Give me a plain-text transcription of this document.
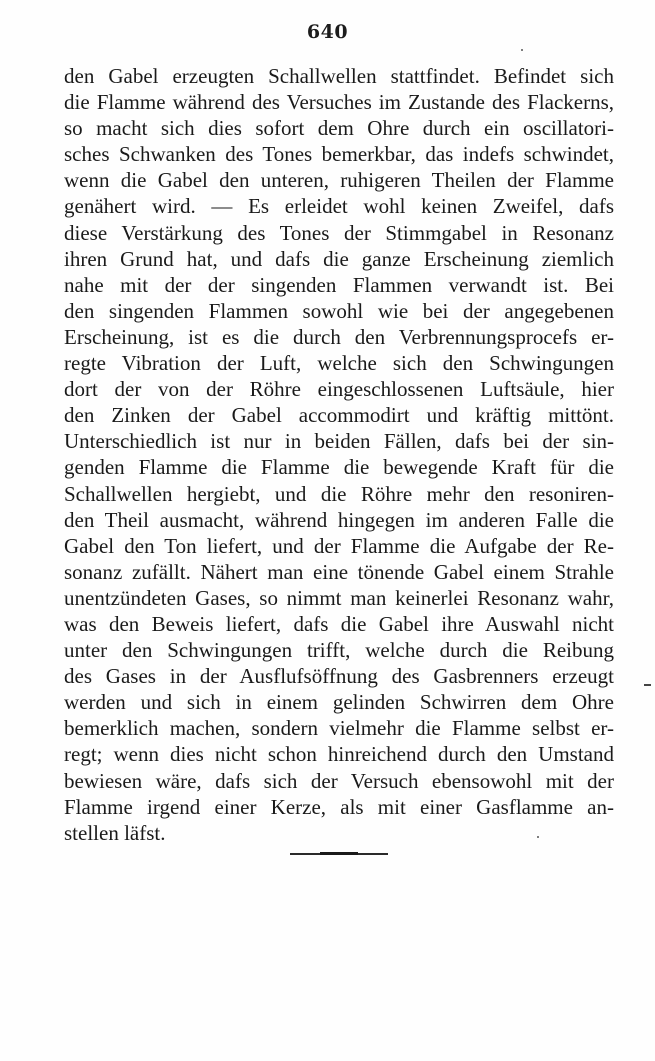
640
den Gabel erzeugten Schallwellen stattfindet. Befindet sich
die Flamme während des Versuches im Zustande des Flackerns,
so macht sich dies sofort dem Ohre durch ein oscillatori-
sches Schwanken des Tones bemerkbar, das indefs schwindet,
wenn die Gabel den unteren, ruhigeren Theilen der Flamme
genähert wird. — Es erleidet wohl keinen Zweifel, dafs
diese Verstärkung des Tones der Stimmgabel in Resonanz
ihren Grund hat, und dafs die ganze Erscheinung ziemlich
nahe mit der der singenden Flammen verwandt ist. Bei
den singenden Flammen sowohl wie bei der angegebenen
Erscheinung, ist es die durch den Verbrennungsprocefs er-
regte Vibration der Luft, welche sich den Schwingungen
dort der von der Röhre eingeschlossenen Luftsäule, hier
den Zinken der Gabel accommodirt und kräftig mittönt.
Unterschiedlich ist nur in beiden Fällen, dafs bei der sin-
genden Flamme die Flamme die bewegende Kraft für die
Schallwellen hergiebt, und die Röhre mehr den resoniren-
den Theil ausmacht, während hingegen im anderen Falle die
Gabel den Ton liefert, und der Flamme die Aufgabe der Re-
sonanz zufällt. Nähert man eine tönende Gabel einem Strahle
unentzündeten Gases, so nimmt man keinerlei Resonanz wahr,
was den Beweis liefert, dafs die Gabel ihre Auswahl nicht
unter den Schwingungen trifft, welche durch die Reibung
des Gases in der Ausflufsöffnung des Gasbrenners erzeugt
werden und sich in einem gelinden Schwirren dem Ohre
bemerklich machen, sondern vielmehr die Flamme selbst er-
regt; wenn dies nicht schon hinreichend durch den Umstand
bewiesen wäre, dafs sich der Versuch ebensowohl mit der
Flamme irgend einer Kerze, als mit einer Gasflamme an-
stellen läfst.
